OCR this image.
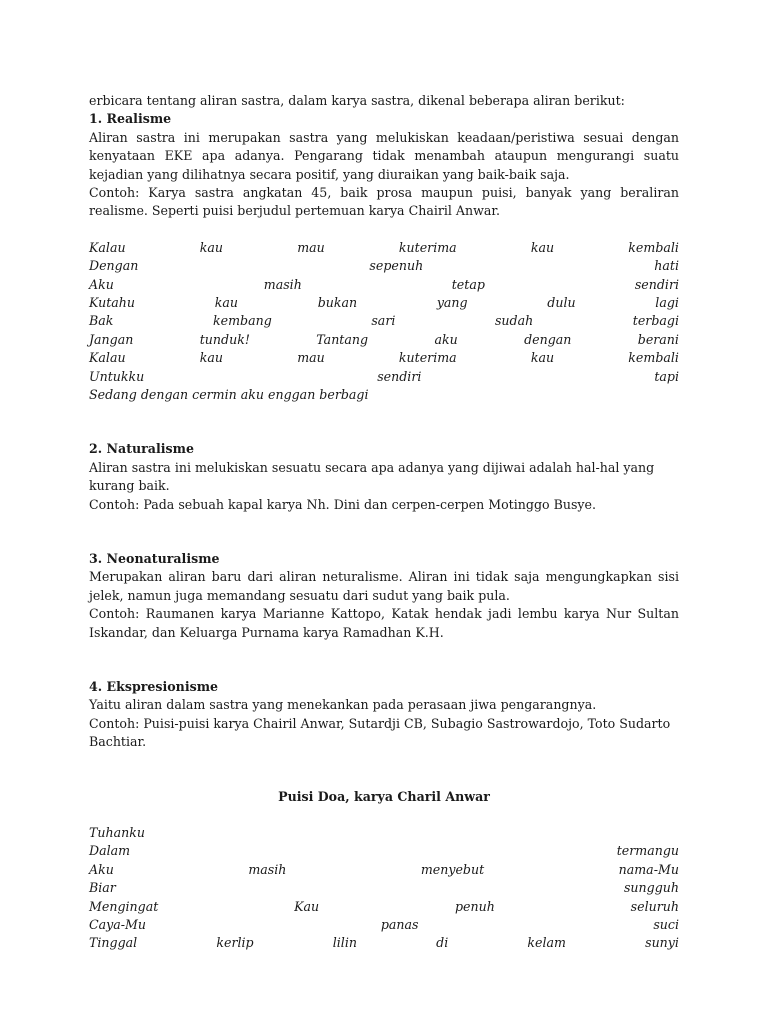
erbicara tentang aliran sastra, dalam karya sastra, dikenal beberapa aliran berikut:

1. Realisme

Aliran sastra ini merupakan sastra yang melukiskan keadaan/peristiwa sesuai dengan kenyataan EKE apa adanya. Pengarang tidak menambah ataupun mengurangi suatu kejadian yang dilihatnya secara positif, yang diuraikan yang baik-baik saja.

Contoh: Karya sastra angkatan 45, baik prosa maupun puisi, banyak yang beraliran realisme. Seperti puisi berjudul pertemuan karya Chairil Anwar.

Kalau	kau	mau	kuterima	kau	kembali
Dengan	sepenuh	hati
Aku	masih	tetap	sendiri
Kutahu	kau	bukan	yang	dulu	lagi
Bak	kembang	sari	sudah	terbagi
Jangan	tunduk!	Tantang	aku	dengan	berani
Kalau	kau	mau	kuterima	kau	kembali
Untukku	sendiri	tapi
Sedang dengan cermin aku enggan berbagi

2. Naturalisme

Aliran sastra ini melukiskan sesuatu secara apa adanya yang dijiwai adalah hal-hal yang kurang baik.

Contoh: Pada sebuah kapal karya Nh. Dini dan cerpen-cerpen Motinggo Busye.

3. Neonaturalisme

Merupakan aliran baru dari aliran neturalisme. Aliran ini tidak saja mengungkapkan sisi jelek, namun juga memandang sesuatu dari sudut yang baik pula.

Contoh: Raumanen karya Marianne Kattopo, Katak hendak jadi lembu karya Nur Sultan Iskandar, dan Keluarga Purnama karya Ramadhan K.H.

4. Ekspresionisme

Yaitu aliran dalam sastra yang menekankan pada perasaan jiwa pengarangnya.

Contoh: Puisi-puisi karya Chairil Anwar, Sutardji CB, Subagio Sastrowardojo, Toto Sudarto Bachtiar.

Puisi Doa, karya Charil Anwar

Tuhanku
Dalam	termangu
Aku	masih	menyebut	nama-Mu
Biar	sungguh
Mengingat	Kau	penuh	seluruh
Caya-Mu	panas	suci
Tinggal	kerlip	lilin	di	kelam	sunyi
